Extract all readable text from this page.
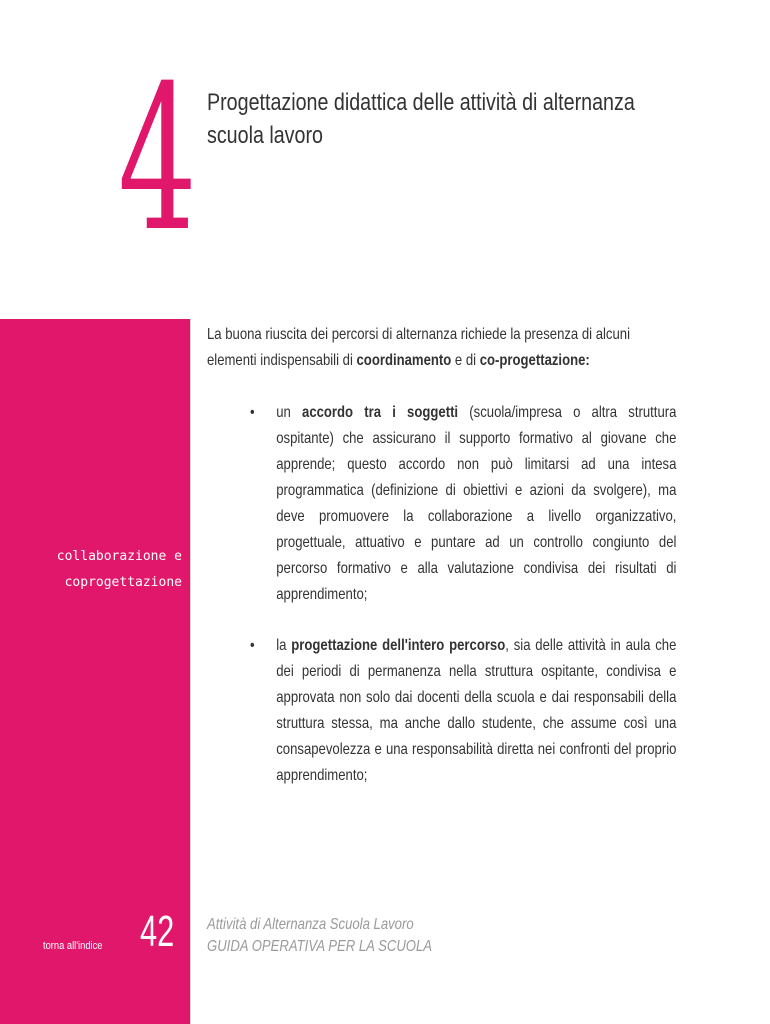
4 Progettazione didattica delle attività di alternanza scuola lavoro
collaborazione e coprogettazione

La buona riuscita dei percorsi di alternanza richiede la presenza di alcuni elementi indispensabili di coordinamento e di co-progettazione:

• un accordo tra i soggetti (scuola/impresa o altra struttura ospitante) che assicurano il supporto formativo al giovane che apprende; questo accordo non può limitarsi ad una intesa programmatica (definizione di obiettivi e azioni da svolgere), ma deve promuovere la collaborazione a livello organizzativo, progettuale, attuativo e puntare ad un controllo congiunto del percorso formativo e alla valutazione condivisa dei risultati di apprendimento;
• la progettazione dell'intero percorso, sia delle attività in aula che dei periodi di permanenza nella struttura ospitante, condivisa e approvata non solo dai docenti della scuola e dai responsabili della struttura stessa, ma anche dallo studente, che assume così una consapevolezza e una responsabilità diretta nei confronti del proprio apprendimento;
torna all'indice 42 Attività di Alternanza Scuola Lavoro
GUIDA OPERATIVA PER LA SCUOLA
